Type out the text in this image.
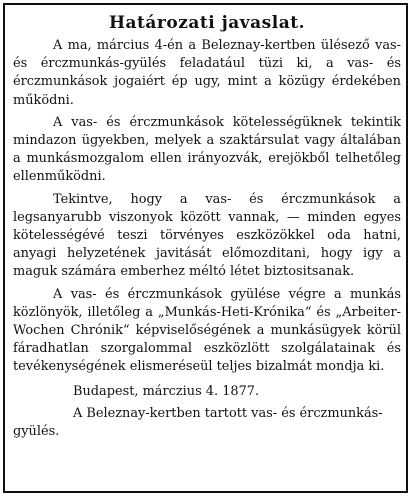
Határozati javaslat.

A ma, március 4-én a Beleznay-kertben ülésező vas- és érczmunkás-gyülés feladatául tüzi ki, a vas- és érczmunkások jogaiért ép ugy, mint a közügy érdekében működni.

A vas- és érczmunkások kötelességüknek tekintik mindazon ügyekben, melyek a szaktársulat vagy általában a munkásmozgalom ellen irányozvák, erejökből telhetőleg ellenműködni.

Tekintve, hogy a vas- és érczmunkások a legsanyarubb viszonyok között vannak, — minden egyes kötelességévé teszi törvényes eszközökkel oda hatni, anyagi helyzetének javitását előmozditani, hogy igy a maguk számára emberhez méltó létet biztositsanak.

A vas- és érczmunkások gyülése végre a munkás közlönyök, illetőleg a „Munkás-Heti-Krónika“ és „Arbeiter-Wochen Chrónik“ képviselőségének a munkásügyek körül fáradhatlan szorgalommal eszközlött szolgálatainak és tevékenységének elismeréseül teljes bizalmát mondja ki.

Budapest, márczius 4. 1877.

A Beleznay-kertben tartott vas- és érczmunkás-gyülés.
